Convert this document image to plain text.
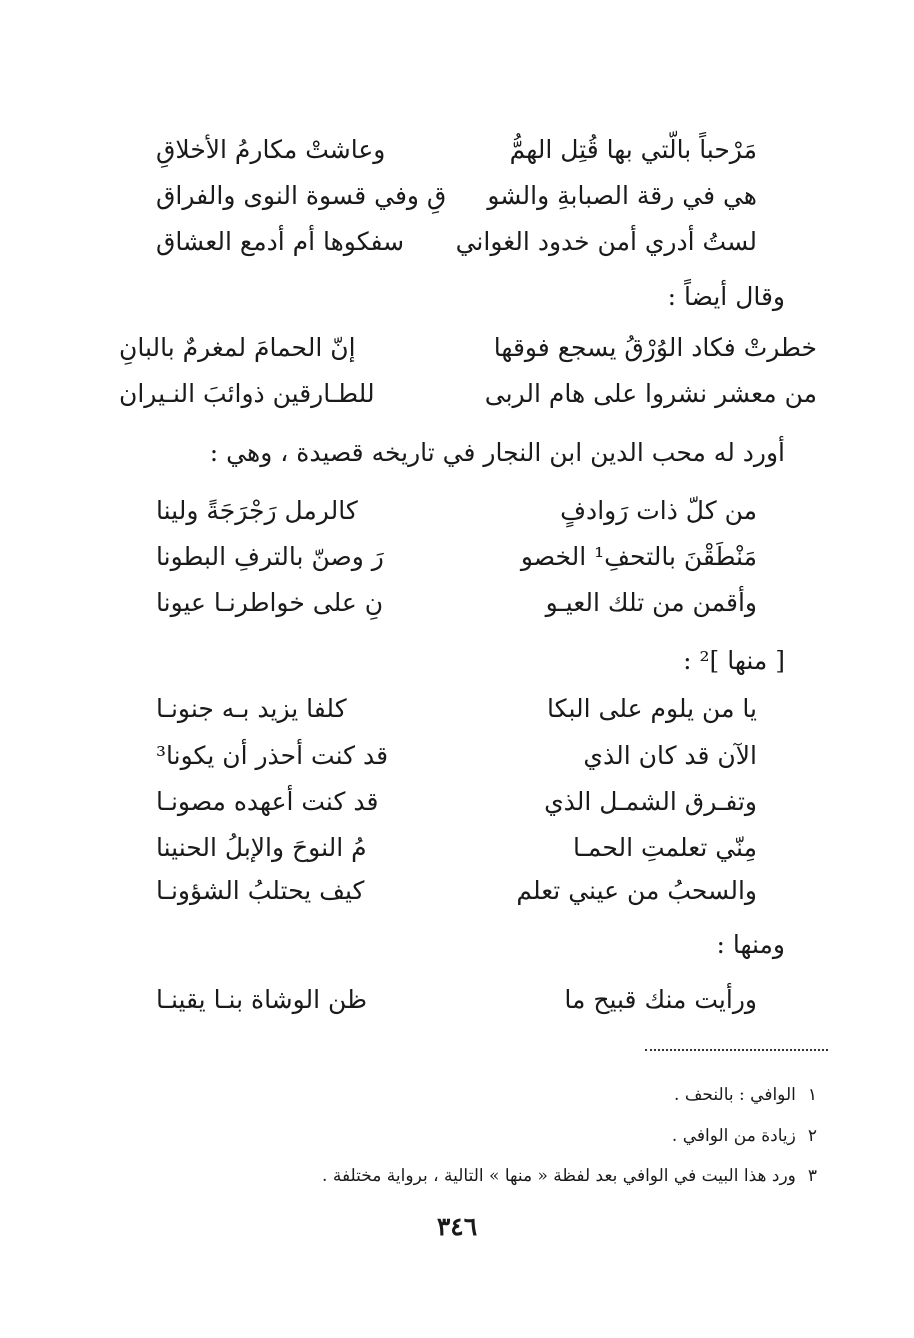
مَرْحباً بالّتي بها قُتِل الهمُّ
وعاشتْ مكارمُ الأخلاقِ
هي في رقة الصبابةِ والشو
قِ وفي قسوة النوى والفراق
لستُ أدري أمن خدود الغواني
سفكوها أم أدمع العشاق
وقال أيضاً :
خطرتْ فكاد الوُرْقُ يسجع فوقها
إنّ الحمامَ لمغرمٌ بالبانِ
من معشر نشروا على هام الربى
للطـارقين ذوائبَ النـيران
أورد له محب الدين ابن النجار في تاريخه قصيدة ، وهي :
من كلّ ذات رَوادفٍ
كالرمل رَجْرَجَةً ولينا
مَنْطَقْنَ بالتحفِ¹ الخصو
رَ وصنّ بالترفِ البطونا
وأقمن من تلك العيـو
نِ على خواطرنـا عيونا
[ منها ]² :
يا من يلوم على البكا
كلفا يزيد بـه جنونـا
الآن قد كان الذي
قد كنت أحذر أن يكونا³
وتفـرق الشمـل الذي
قد كنت أعهده مصونـا
مِنّي تعلمتِ الحمـا
مُ النوحَ والإبلُ الحنينا
والسحبُ من عيني تعلم
كيف يحتلبُ الشؤونـا
ومنها :
ورأيت منك قبيح ما
ظن الوشاة بنـا يقينـا
١
الوافي : بالنحف .
٢
زيادة من الوافي .
٣
ورد هذا البيت في الوافي بعد لفظة « منها » التالية ، برواية مختلفة .
٣٤٦
